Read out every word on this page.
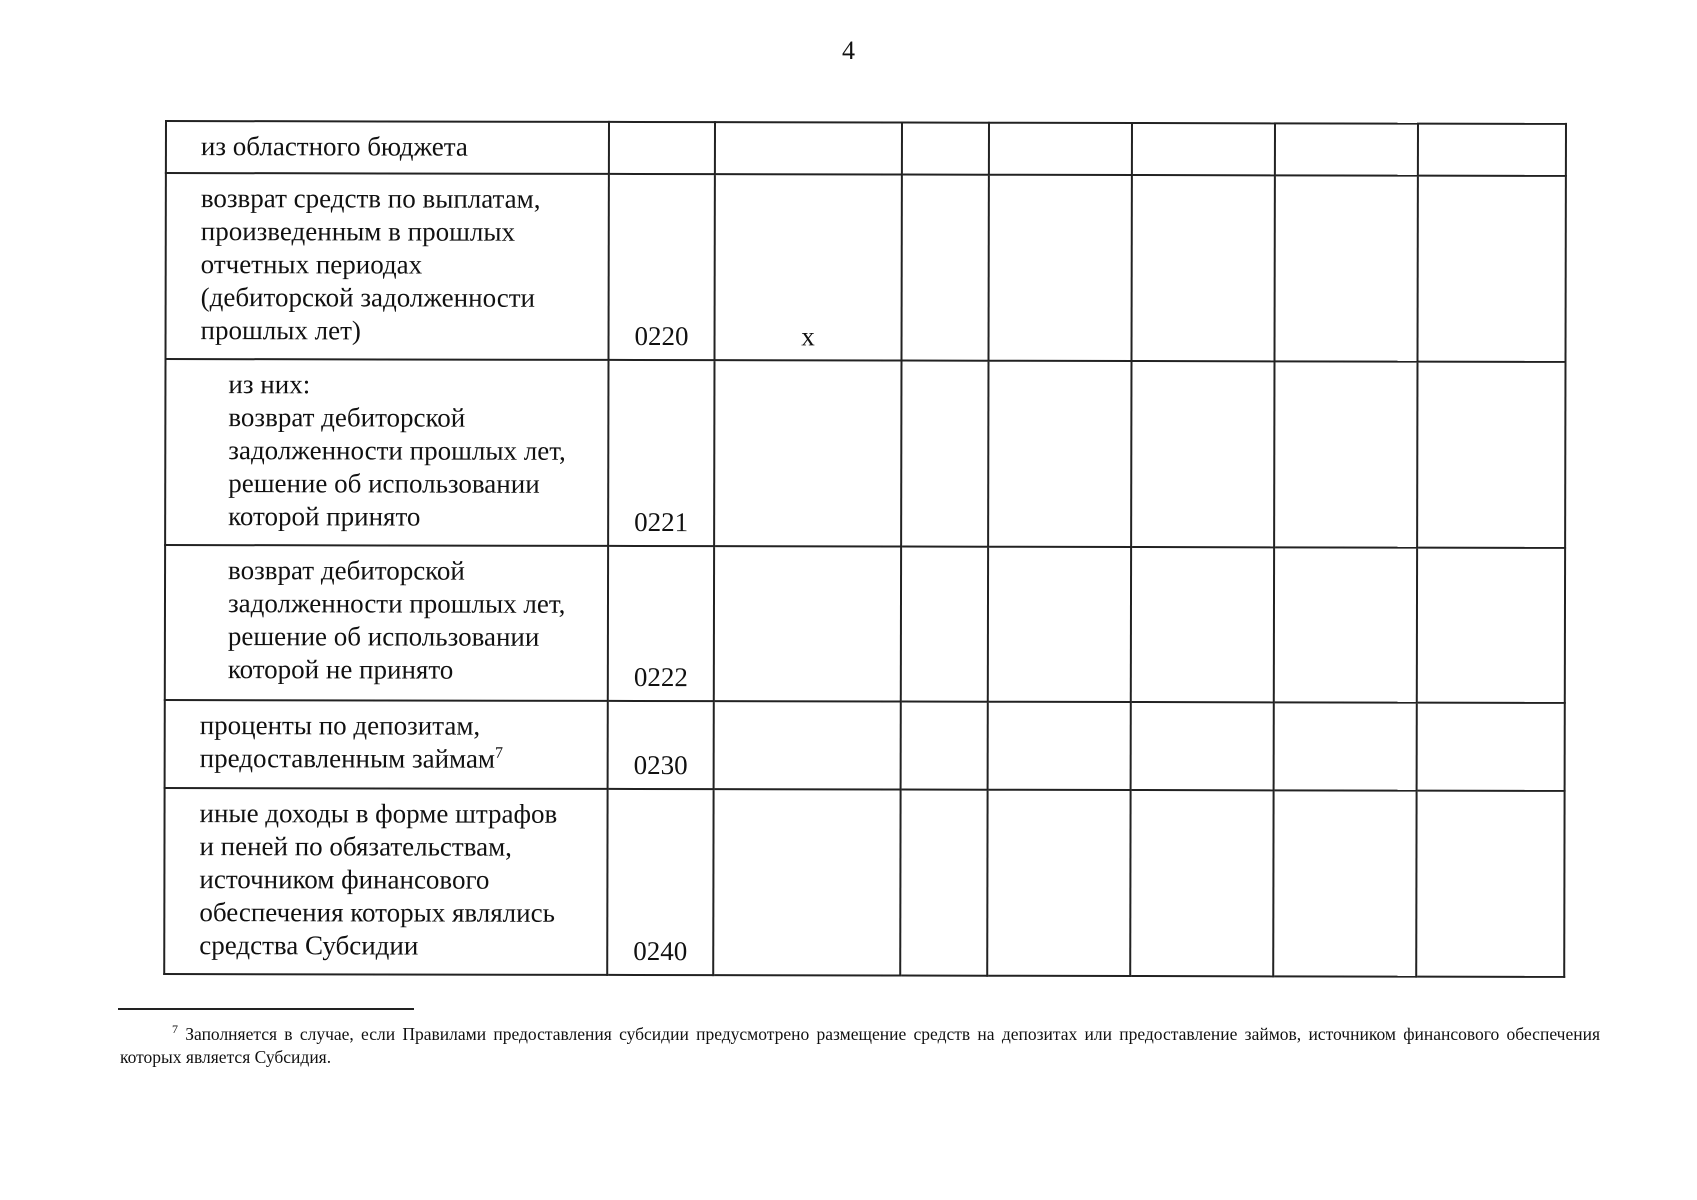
4
из областного бюджета							

возврат средств по выплатам,
произведенным в прошлых
отчетных периодах
(дебиторской задолженности
прошлых лет)	0220	x					

из них:
возврат дебиторской
задолженности прошлых лет,
решение об использовании
которой принято	0221						

возврат дебиторской
задолженности прошлых лет,
решение об использовании
которой не принято	0222						

проценты по депозитам,
предоставленным займам$^7$	0230						

иные доходы в форме штрафов
и пеней по обязательствам,
источником финансового
обеспечения которых являлись
средства Субсидии	0240						
$^7$ Заполняется в случае, если Правилами предоставления субсидии предусмотрено размещение средств на депозитах или предоставление займов, источником финансового обеспечения которых является Субсидия.
